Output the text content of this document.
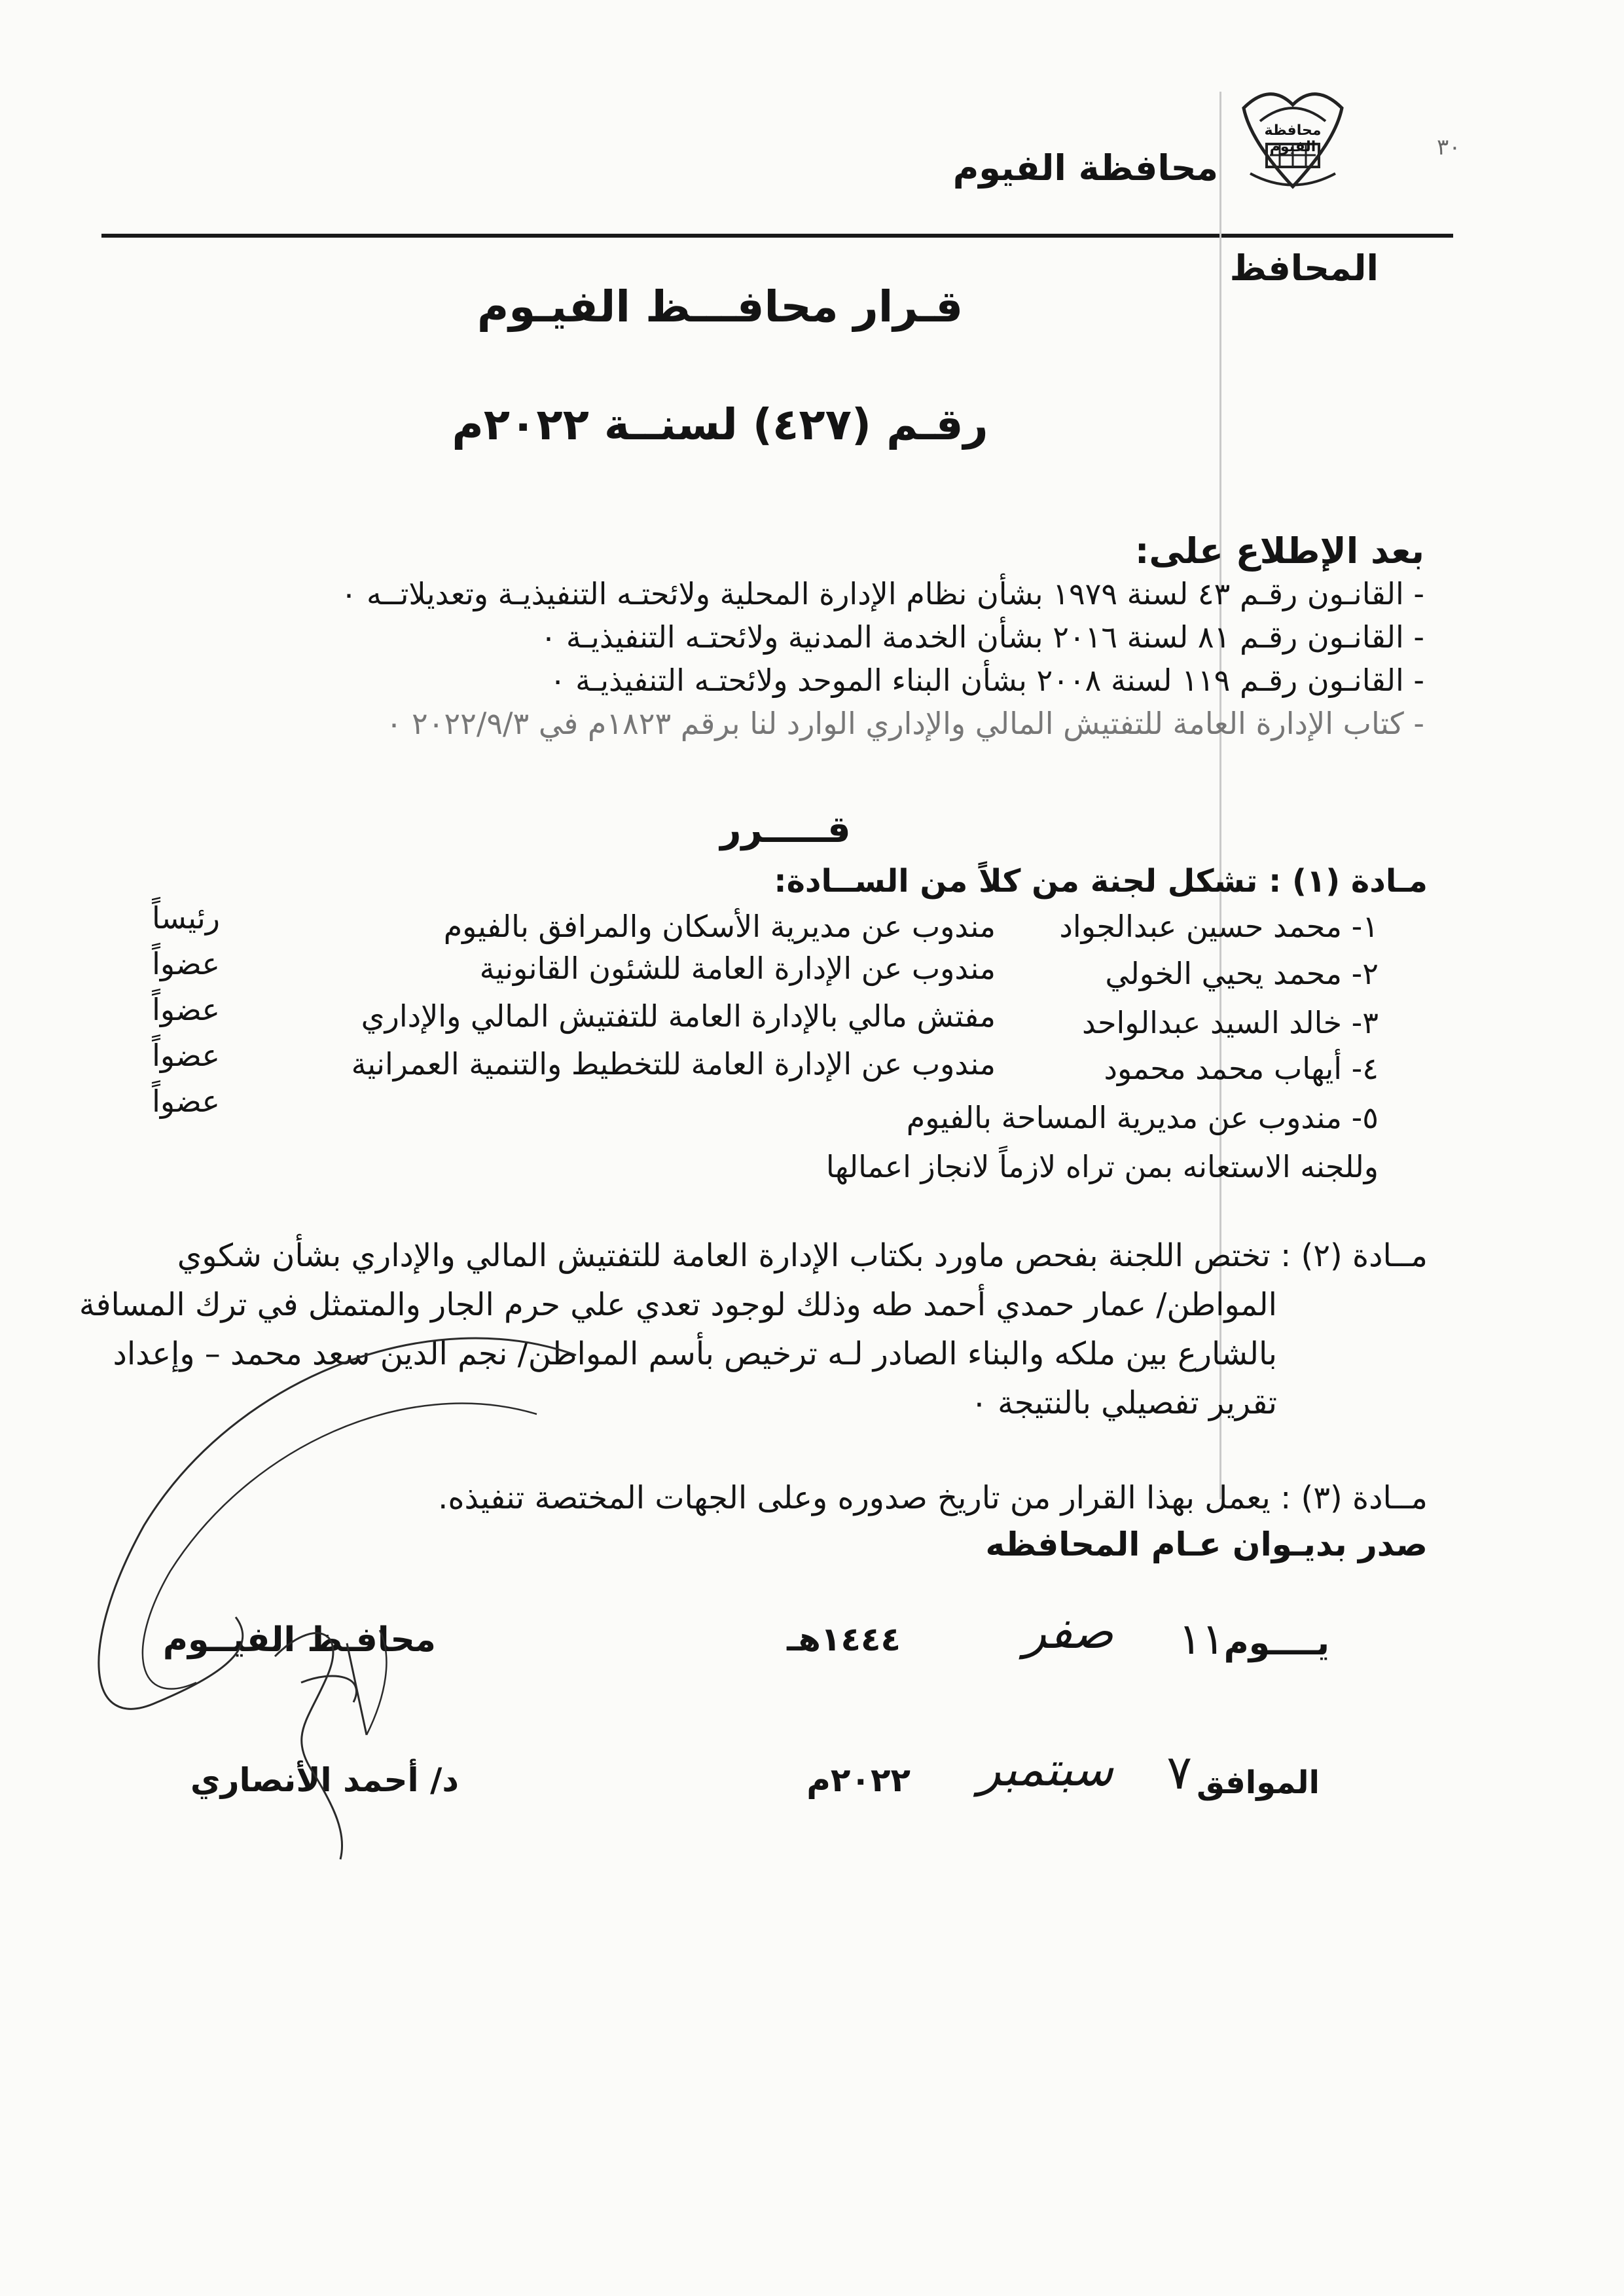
٣٠
محافظة الفيوم
محافظة الفيوم
المحافظ
قـرار محافـــظ الفيـوم
رقـم (٤٢٧) لسنــة ٢٠٢٢م
بعد الإطلاع على:
- القانـون رقـم ٤٣ لسنة ١٩٧٩ بشأن نظام الإدارة المحلية ولائحتـه التنفيذيـة وتعديلاتــه ٠
- القانـون رقـم ٨١ لسنة ٢٠١٦ بشأن الخدمة المدنية ولائحتـه التنفيذيـة ٠
- القانـون رقـم ١١٩ لسنة ٢٠٠٨ بشأن البناء الموحد ولائحتـه التنفيذيـة ٠
- كتاب الإدارة العامة للتفتيش المالي والإداري الوارد لنا برقم ١٨٢٣م في ٢٠٢٢/٩/٣ ٠
قـــــرر
مـادة (١) : تشكل لجنة من كلاً من الســادة:
١- محمد حسين عبدالجواد
مندوب عن مديرية الأسكان والمرافق بالفيوم
رئيساً
٢- محمد يحيي الخولي
مندوب عن الإدارة العامة للشئون القانونية
عضواً
٣- خالد السيد عبدالواحد
مفتش مالي بالإدارة العامة للتفتيش المالي والإداري
عضواً
٤- أيهاب محمد محمود
مندوب عن الإدارة العامة للتخطيط والتنمية العمرانية
عضواً
٥- مندوب عن مديرية المساحة بالفيوم
عضواً
وللجنه الاستعانه بمن تراه لازماً لانجاز اعمالها
مــادة (٢) : تختص اللجنة بفحص ماورد بكتاب الإدارة العامة للتفتيش المالي والإداري بشأن شكوي
المواطن/ عمار حمدي أحمد طه وذلك لوجود تعدي علي حرم الجار والمتمثل في ترك المسافة
بالشارع بين ملكه والبناء الصادر لـه ترخيص بأسم المواطن/ نجم الدين سعد محمد – وإعداد
تقرير تفصيلي بالنتيجة ٠
مــادة (٣) : يعمل بهذا القرار من تاريخ صدوره وعلى الجهات المختصة تنفيذه.
صدر بديـوان عـام المحافظه
يــــوم
١١
صفر
١٤٤٤هـ
الموافق
٧
سبتمبر
٢٠٢٢م
محافـظ الفيــوم
د/ أحمد الأنصاري
